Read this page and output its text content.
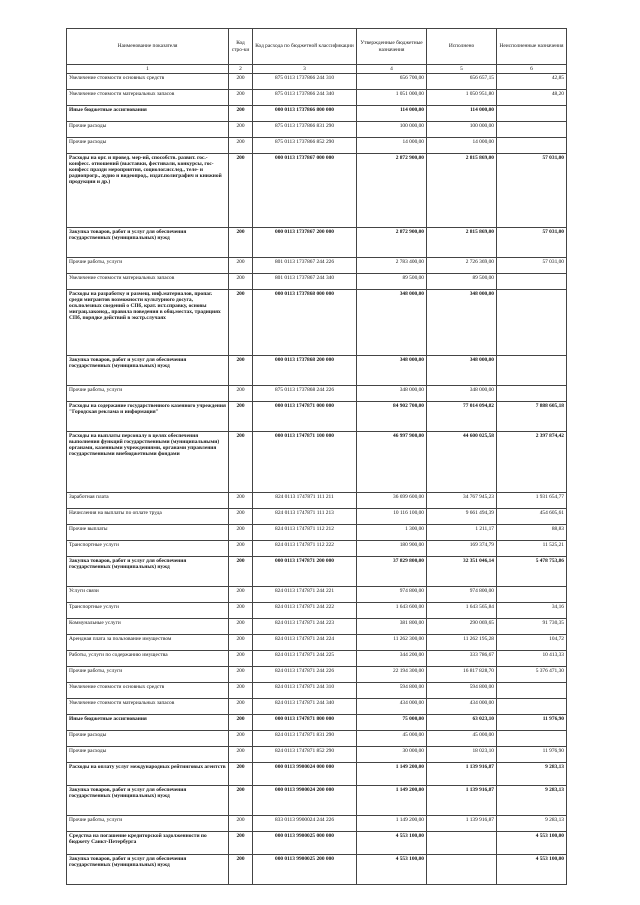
Наименование показателя	Код стро-ки	Код расхода по бюджетной классификации	Утвержденные бюджетные назначения	Исполнено	Неисполненные назначения
1	2	3	4	5	6
Увеличение стоимости основных средств	200	875 0113 1737866 244 310	656 700,00	656 657,15	42,85
Увеличение стоимости материальных запасов	200	875 0113 1737866 244 340	1 051 000,00	1 050 951,80	48,20
Иные бюджетные ассигнования	200	000 0113 1737866 800 000	114 000,00	114 000,00	
Прочие расходы	200	875 0113 1737866 831 290	100 000,00	100 000,00	
Прочие расходы	200	875 0113 1737866 852 290	14 000,00	14 000,00	
Расходы на орг. и провед. мер-ий, способств. развит. гос.-конфесс. отношений (выставки, фестивали, конкурсы, гос-конфесс праздн мероприятия, социолог.исслед., теле- и радиопрогр., аудио и видеопрод., издат.полиграфич и книжной продукции и др.)	200	000 0113 1737867 000 000	2 872 900,00	2 815 869,00	57 031,00
Закупка товаров, работ и услуг для обеспечения государственных (муниципальных) нужд	200	000 0113 1737867 200 000	2 872 900,00	2 815 869,00	57 031,00
Прочие работы, услуги	200	801 0113 1737867 244 226	2 783 400,00	2 726 369,00	57 031,00
Увеличение стоимости материальных запасов	200	801 0113 1737867 244 340	89 500,00	89 500,00	
Расходы на разработку и размещ. инф.материалов, пропаг. среди мигрантов возможности культурного досуга, осв.полезных сведений о СПб, крат. ист.справку, основы миграц.законод., правила поведения в общ.местах, традициях СПб, порядке действий в экстр.случаях	200	000 0113 1737868 000 000	348 000,00	348 000,00	
Закупка товаров, работ и услуг для обеспечения государственных (муниципальных) нужд	200	000 0113 1737868 200 000	348 000,00	348 000,00	
Прочие работы, услуги	200	875 0113 1737868 244 226	348 000,00	348 000,00	
Расходы на содержание государственного казенного учреждения "Городская реклама и информация"	200	000 0113 1747871 000 000	84 902 700,00	77 014 094,82	7 888 605,18
Расходы на выплаты персоналу в целях обеспечения выполнения функций государственными (муниципальными) органами, казенными учреждениями, органами управления государственными внебюджетными фондами	200	000 0113 1747871 100 000	46 997 900,00	44 600 025,58	2 397 874,42
Заработная плата	200	824 0113 1747871 111 211	36 699 600,00	34 767 945,23	1 931 654,77
Начисления на выплаты по оплате труда	200	824 0113 1747871 111 213	10 116 100,00	9 661 494,39	454 605,61
Прочие выплаты	200	824 0113 1747871 112 212	1 300,00	1 211,17	88,83
Транспортные услуги	200	824 0113 1747871 112 222	180 900,00	169 374,79	11 525,21
Закупка товаров, работ и услуг для обеспечения государственных (муниципальных) нужд	200	000 0113 1747871 200 000	37 829 800,00	32 351 046,14	5 478 753,86
Услуги связи	200	824 0113 1747871 244 221	974 800,00	974 800,00	
Транспортные услуги	200	824 0113 1747871 244 222	1 643 600,00	1 643 565,84	34,16
Коммунальные услуги	200	824 0113 1747871 244 223	381 800,00	290 069,65	91 730,35
Арендная плата за пользование имуществом	200	824 0113 1747871 244 224	11 262 300,00	11 262 195,28	104,72
Работы, услуги по содержанию имущества	200	824 0113 1747871 244 225	344 200,00	333 786,67	10 413,33
Прочие работы, услуги	200	824 0113 1747871 244 226	22 194 300,00	16 817 828,70	5 376 471,30
Увеличение стоимости основных средств	200	824 0113 1747871 244 310	594 800,00	594 800,00	
Увеличение стоимости материальных запасов	200	824 0113 1747871 244 340	434 000,00	434 000,00	
Иные бюджетные ассигнования	200	000 0113 1747871 800 000	75 000,00	63 023,10	11 976,90
Прочие расходы	200	824 0113 1747871 831 290	45 000,00	45 000,00	
Прочие расходы	200	824 0113 1747871 852 290	30 000,00	18 023,10	11 976,90
Расходы на оплату услуг международных рейтинговых агентств	200	000 0113 9900024 000 000	1 149 200,00	1 139 916,87	9 283,13
Закупка товаров, работ и услуг для обеспечения государственных (муниципальных) нужд	200	000 0113 9900024 200 000	1 149 200,00	1 139 916,87	9 283,13
Прочие работы, услуги	200	833 0113 9900024 244 226	1 149 200,00	1 139 916,87	9 283,13
Средства на погашение кредиторской задолженности по бюджету Санкт-Петербурга	200	000 0113 9900025 000 000	4 553 100,00		4 553 100,00
Закупка товаров, работ и услуг для обеспечения государственных (муниципальных) нужд	200	000 0113 9900025 200 000	4 553 100,00		4 553 100,00
